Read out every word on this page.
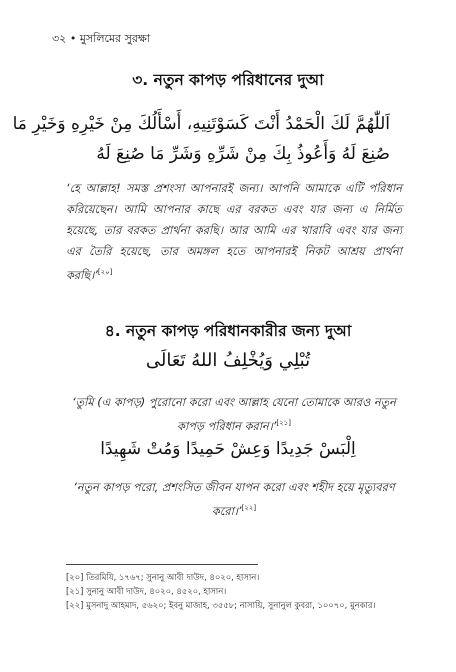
৩২ • মুসলিমের সুরক্ষা
৩. নতুন কাপড় পরিধানের দুআ
اَللّٰهُمَّ لَكَ الْحَمْدُ أَنْتَ كَسَوْتَنِيهِ، أَسْأَلُكَ مِنْ خَيْرِهِ وَخَيْرِ مَا
صُنِعَ لَهُ وَأَعُوذُ بِكَ مِنْ شَرِّهِ وَشَرِّ مَا صُنِعَ لَهُ
‘হে আল্লাহ! সমস্ত প্রশংসা আপনারই জন্য। আপনি আমাকে এটি পরিধান করিয়েছেন। আমি আপনার কাছে এর বরকত এবং যার জন্য এ নির্মিত হয়েছে, তার বরকত প্রার্থনা করছি। আর আমি এর খারাবি এবং যার জন্য এর তৈরি হয়েছে, তার অমঙ্গল হতে আপনারই নিকট আশ্রয় প্রার্থনা করছি।’[২০]
৪. নতুন কাপড় পরিধানকারীর জন্য দুআ
تُبْلِي وَيُخْلِفُ اللهُ تَعَالَى
‘তুমি (এ কাপড়) পুরোনো করো এবং আল্লাহ যেনো তোমাকে আরও নতুন কাপড় পরিধান করান।’[২১]
اِلْبَسْ جَدِيدًا وَعِشْ حَمِيدًا وَمُتْ شَهِيدًا
‘নতুন কাপড় পরো, প্রশংসিত জীবন যাপন করো এবং শহীদ হয়ে মৃত্যুবরণ করো।’[২২]
[২০] তিরমিযি, ১৭৬৭; সুনানু আবী দাউদ, ৪০২০, হাসান।
[২১] সুনানু আবী দাউদ, ৪০২০, ৪৫২০, হাসান।
[২২] মুসনাদু আহমাদ, ৫৬২০; ইবনু মাজাহ, ৩৫৫৮; নাসায়ি, সুনানুল কুবরা, ১০০৭০, মুনকার।
